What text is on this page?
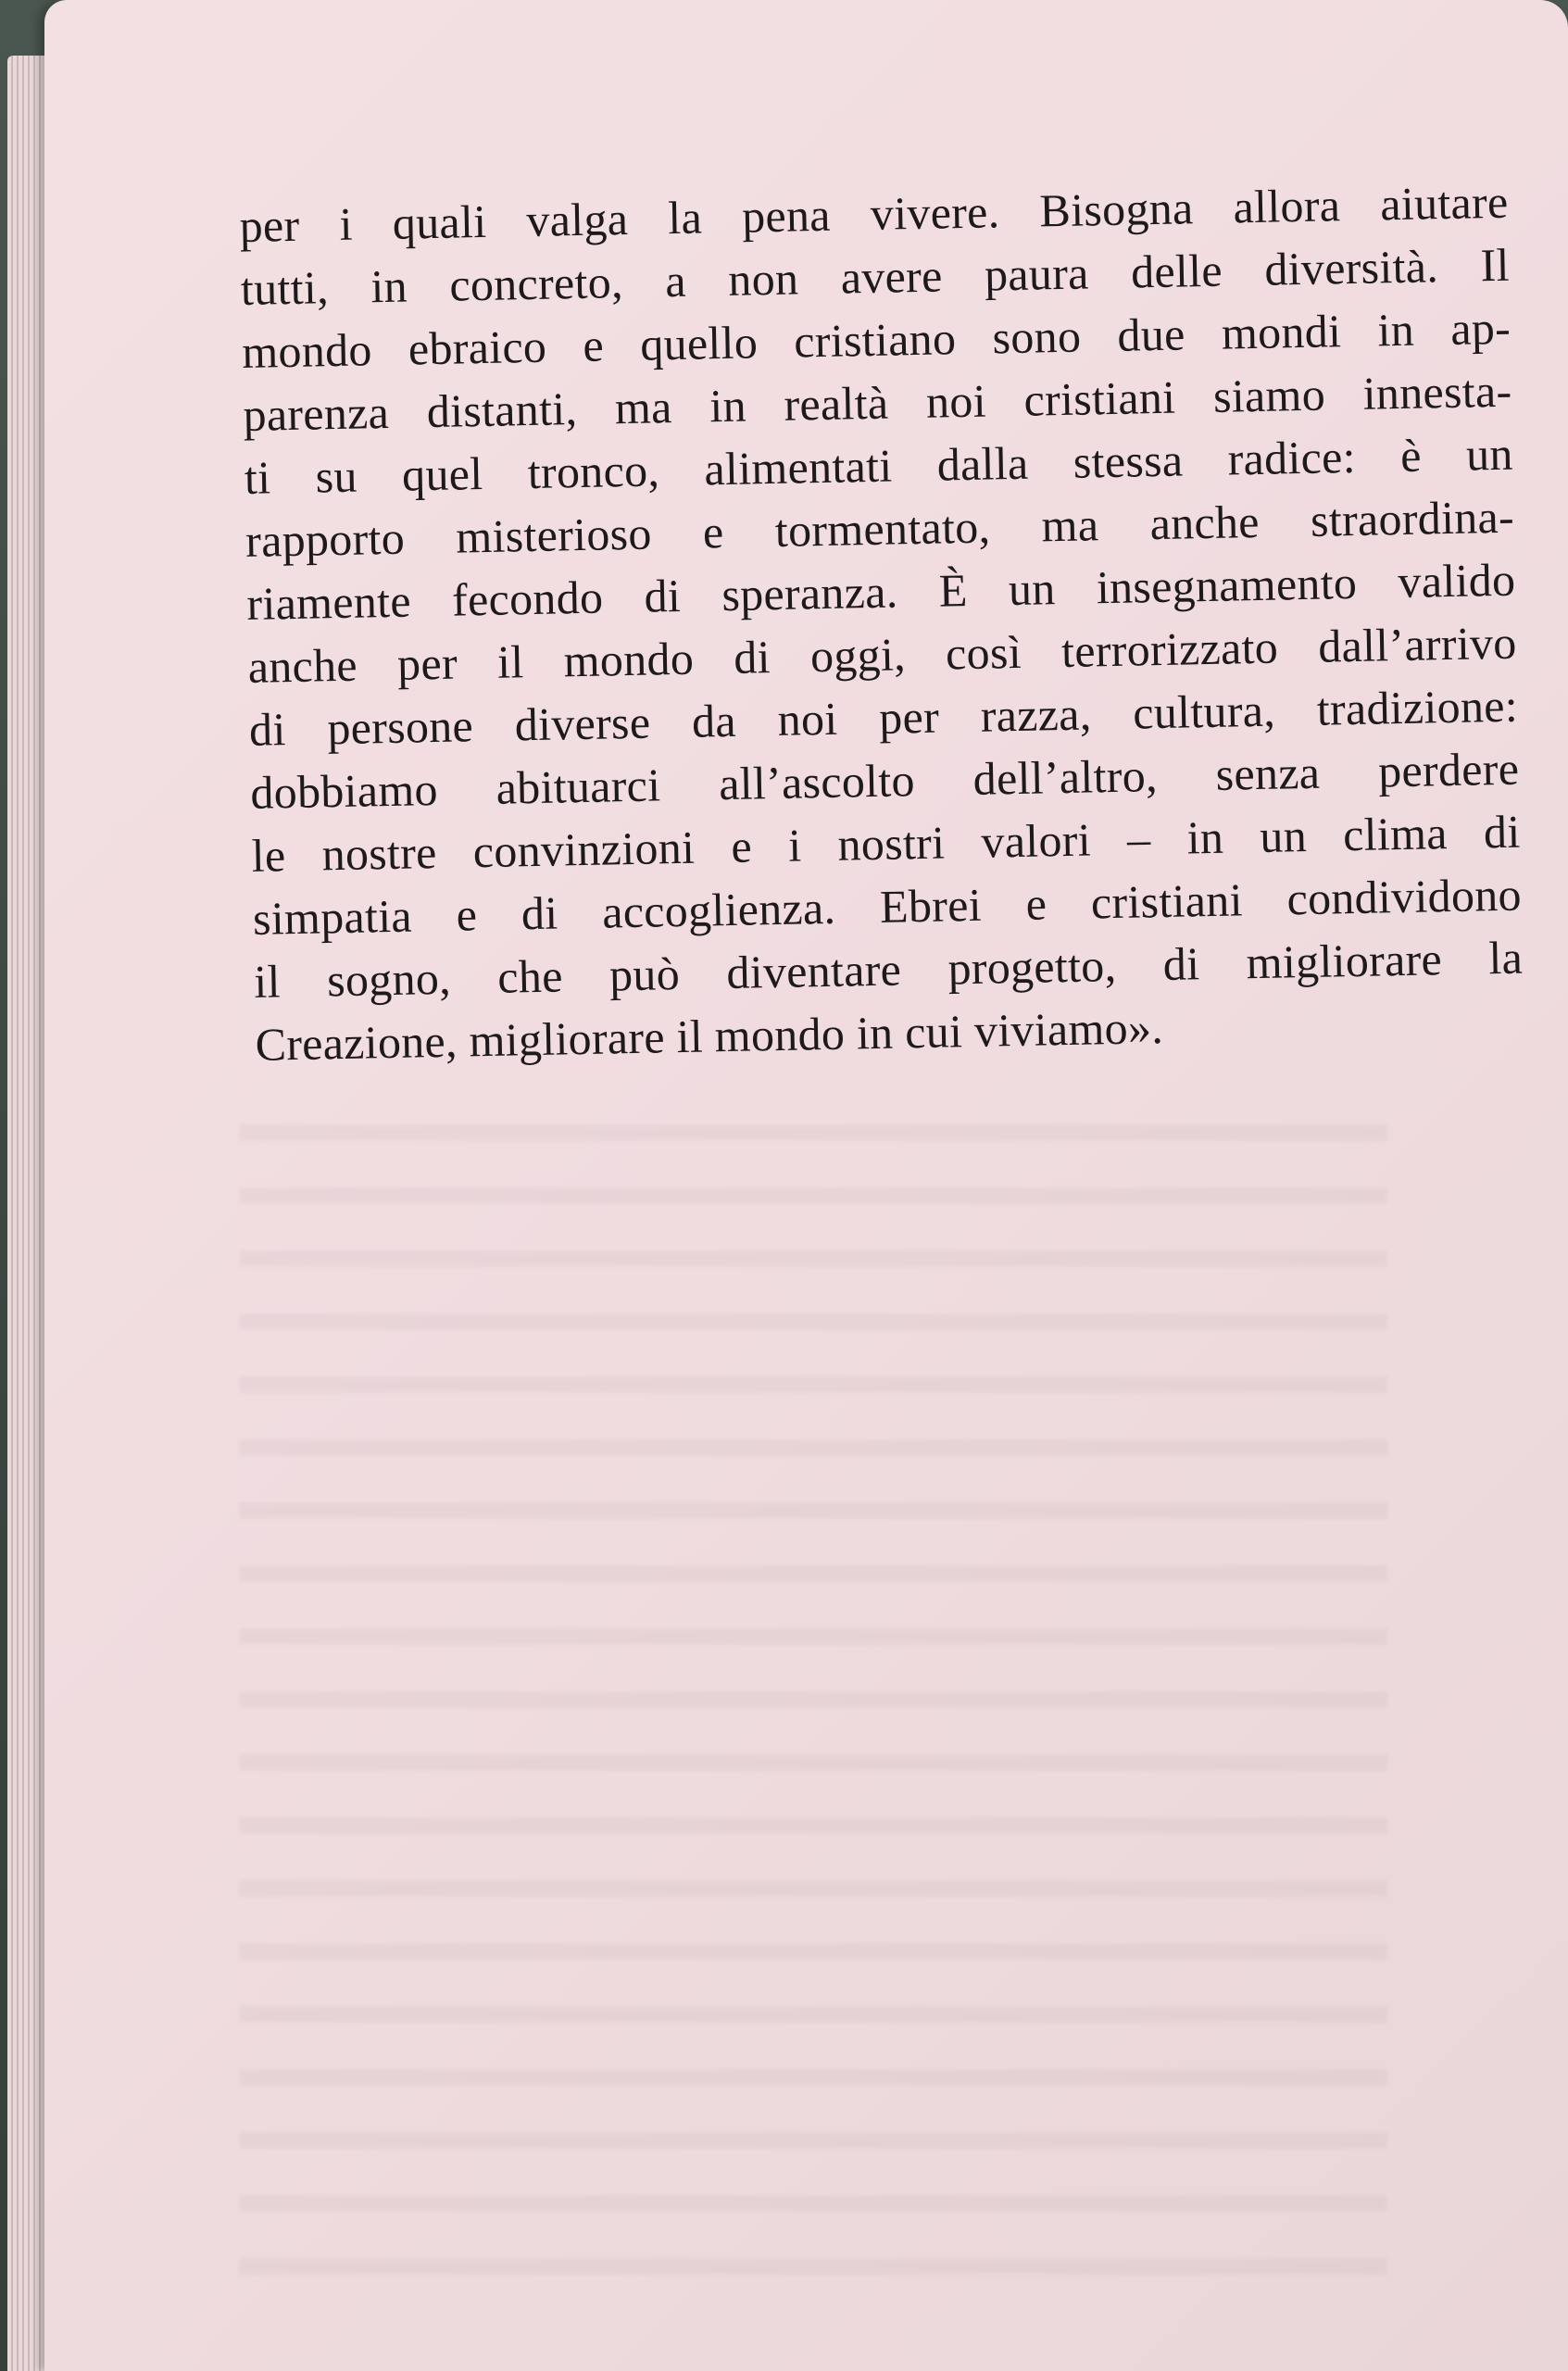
per i quali valga la pena vivere. Bisogna allora aiutare
tutti, in concreto, a non avere paura delle diversità. Il
mondo ebraico e quello cristiano sono due mondi in ap-
parenza distanti, ma in realtà noi cristiani siamo innesta-
ti su quel tronco, alimentati dalla stessa radice: è un
rapporto misterioso e tormentato, ma anche straordina-
riamente fecondo di speranza. È un insegnamento valido
anche per il mondo di oggi, così terrorizzato dall’arrivo
di persone diverse da noi per razza, cultura, tradizione:
dobbiamo abituarci all’ascolto dell’altro, senza perdere
le nostre convinzioni e i nostri valori – in un clima di
simpatia e di accoglienza. Ebrei e cristiani condividono
il sogno, che può diventare progetto, di migliorare la
Creazione, migliorare il mondo in cui viviamo».
